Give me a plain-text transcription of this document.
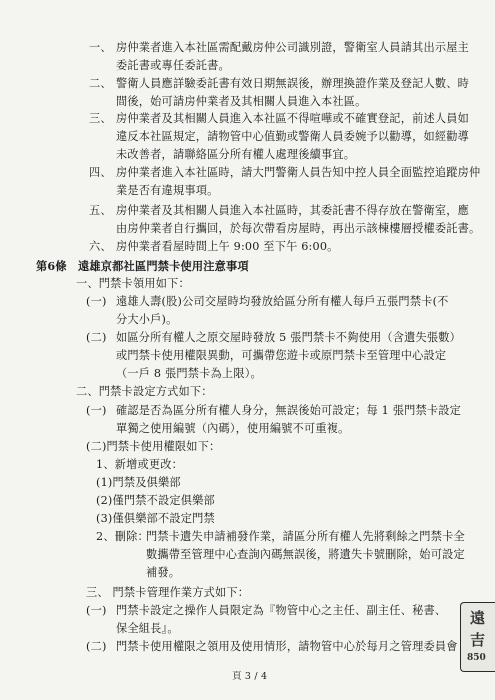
一、 房仲業者進入本社區需配戴房仲公司識別證，警衛室人員請其出示屋主
委託書或專任委託書。
二、 警衛人員應詳驗委託書有效日期無誤後，辦理換證作業及登記人數、時
間後，始可請房仲業者及其相關人員進入本社區。
三、 房仲業者及其相關人員進入本社區不得喧嘩或不確實登記，前述人員如
違反本社區規定，請物管中心值勤或警衛人員委婉予以勸導，如經勸導
未改善者，請聯絡區分所有權人處理後續事宜。
四、 房仲業者進入本社區時，請大門警衛人員告知中控人員全面監控追蹤房仲
業是否有違規事項。
五、 房仲業者及其相關人員進入本社區時，其委託書不得存放在警衛室，應
由房仲業者自行攜回，於每次帶看房屋時，再出示該棟樓層授權委託書。
六、 房仲業者看屋時間上午 9:00 至下午 6:00。
第6條 遠雄京都社區門禁卡使用注意事項
一、門禁卡領用如下：
(一) 遠雄人壽(股)公司交屋時均發放給區分所有權人每戶五張門禁卡(不
分大小戶)。
(二) 如區分所有權人之原交屋時發放 5 張門禁卡不夠使用（含遺失張數）
或門禁卡使用權限異動，可攜帶您遊卡或原門禁卡至管理中心設定
（一戶 8 張門禁卡為上限）。
二、門禁卡設定方式如下：
(一) 確認是否為區分所有權人身分，無誤後始可設定；每 1 張門禁卡設定
單獨之使用編號（內碼），使用編號不可重複。
(二)門禁卡使用權限如下：
1、新增或更改：
(1)門禁及俱樂部
(2)僅門禁不設定俱樂部
(3)僅俱樂部不設定門禁
2、刪除：
門禁卡遺失申請補發作業，請區分所有權人先將剩餘之門禁卡全
數攜帶至管理中心查詢內碼無誤後，將遺失卡號刪除，始可設定
補發。
三、 門禁卡管理作業方式如下：
(一) 門禁卡設定之操作人員限定為『物管中心之主任、副主任、秘書、
保全組長』。
(二) 門禁卡使用權限之領用及使用情形，請物管中心於每月之管理委員會
頁 3 / 4
遠
吉
850
